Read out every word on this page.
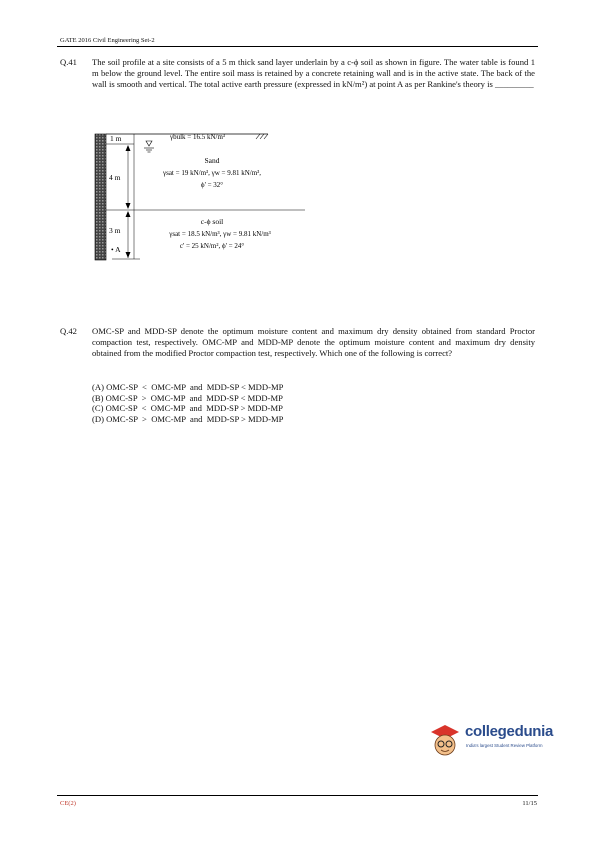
GATE 2016 Civil Engineering Set-2
Q.41 The soil profile at a site consists of a 5 m thick sand layer underlain by a c-ϕ soil as shown in figure. The water table is found 1 m below the ground level. The entire soil mass is retained by a concrete retaining wall and is in the active state. The back of the wall is smooth and vertical. The total active earth pressure (expressed in kN/m²) at point A as per Rankine's theory is _________
1 m
4 m
3 m
• A
γbulk = 16.5 kN/m³
Sand
γsat = 19 kN/m³, γw = 9.81 kN/m³,
ϕ' = 32°
c-ϕ soil
γsat = 18.5 kN/m³, γw = 9.81 kN/m³
c' = 25 kN/m², ϕ' = 24°
Q.42 OMC-SP and MDD-SP denote the optimum moisture content and maximum dry density obtained from standard Proctor compaction test, respectively. OMC-MP and MDD-MP denote the optimum moisture content and maximum dry density obtained from the modified Proctor compaction test, respectively. Which one of the following is correct?
(A) OMC-SP  <  OMC-MP  and  MDD-SP < MDD-MP
(B) OMC-SP  >  OMC-MP  and  MDD-SP < MDD-MP
(C) OMC-SP  <  OMC-MP  and  MDD-SP > MDD-MP
(D) OMC-SP  >  OMC-MP  and  MDD-SP > MDD-MP
collegedunia
India's largest Student Review Platform
CE(2)	11/15
